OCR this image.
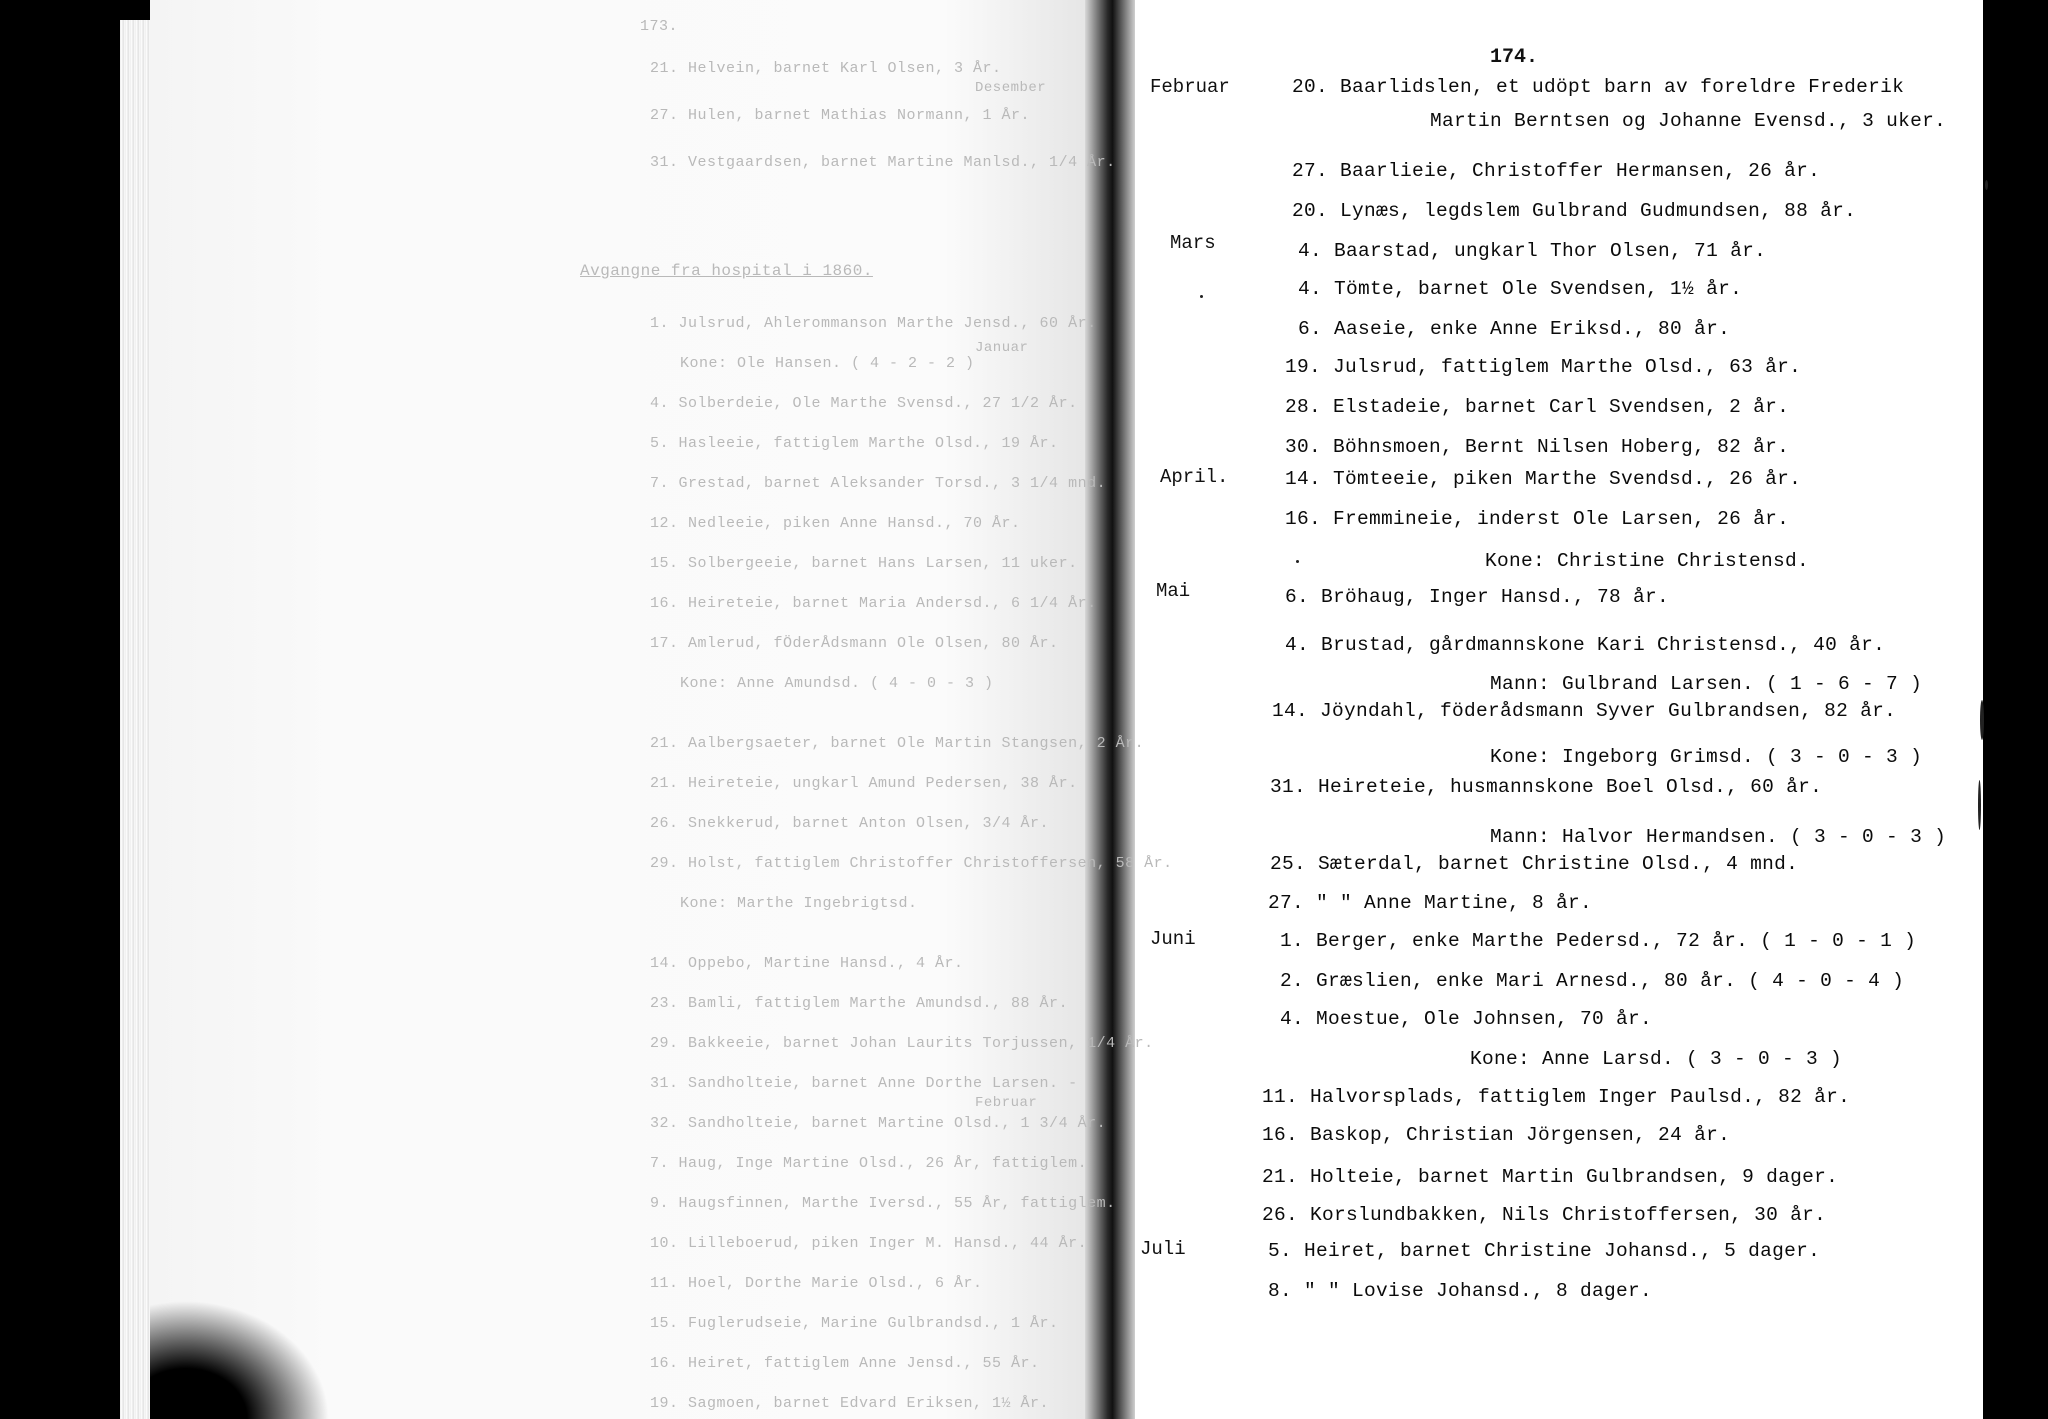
173.
Avgangne fra hospital i 1860.
21. Helvein, barnet Karl Olsen, 3 År.
27. Hulen, barnet Mathias Normann, 1 År.
31. Vestgaardsen, barnet Martine Manlsd., 1/4 År.
1. Julsrud, Ahlerommanson Marthe Jensd., 60 År.
Kone: Ole Hansen. ( 4 - 2 - 2 )
4. Solberdeie, Ole Marthe Svensd., 27 1/2 År.
5. Hasleeie, fattiglem Marthe Olsd., 19 År.
7. Grestad, barnet Aleksander Torsd., 3 1/4 mnd.
12. Nedleeie, piken Anne Hansd., 70 År.
15. Solbergeeie, barnet Hans Larsen, 11 uker.
16. Heireteie, barnet Maria Andersd., 6 1/4 År.
17. Amlerud, fÖderÅdsmann Ole Olsen, 80 År.
Kone: Anne Amundsd. ( 4 - 0 - 3 )
21. Aalbergsaeter, barnet Ole Martin Stangsen, 2 År.
21. Heireteie, ungkarl Amund Pedersen, 38 År.
26. Snekkerud, barnet Anton Olsen, 3/4 År.
29. Holst, fattiglem Christoffer Christoffersen, 58 År.
Kone: Marthe Ingebrigtsd.
14. Oppebo, Martine Hansd., 4 År.
23. Bamli, fattiglem Marthe Amundsd., 88 År.
29. Bakkeeie, barnet Johan Laurits Torjussen, 1/4 År.
31. Sandholteie, barnet Anne Dorthe Larsen. -
32. Sandholteie, barnet Martine Olsd., 1 3/4 År.
7. Haug, Inge Martine Olsd., 26 År, fattiglem.
9. Haugsfinnen, Marthe Iversd., 55 År, fattiglem.
10. Lilleboerud, piken Inger M. Hansd., 44 År.
11. Hoel, Dorthe Marie Olsd., 6 År.
15. Fuglerudseie, Marine Gulbrandsd., 1 År.
16. Heiret, fattiglem Anne Jensd., 55 År.
19. Sagmoen, barnet Edvard Eriksen, 1½ År.
Desember
Januar
Februar
174.
Februar
Mars
April.
Mai
Juni
Juli
20. Baarlidslen, et udöpt barn av foreldre Frederik
Martin Berntsen og Johanne Evensd., 3 uker.
27. Baarlieie, Christoffer Hermansen, 26 år.
20. Lynæs, legdslem Gulbrand Gudmundsen, 88 år.
4. Baarstad, ungkarl Thor Olsen, 71 år.
4. Tömte, barnet Ole Svendsen, 1½ år.
6. Aaseie, enke Anne Eriksd., 80 år.
19. Julsrud, fattiglem Marthe Olsd., 63 år.
28. Elstadeie, barnet Carl Svendsen, 2 år.
30. Böhnsmoen, Bernt Nilsen Hoberg, 82 år.
14. Tömteeie, piken Marthe Svendsd., 26 år.
16. Fremmineie, inderst Ole Larsen, 26 år.
Kone: Christine Christensd.
6. Bröhaug, Inger Hansd., 78 år.
4. Brustad, gårdmannskone Kari Christensd., 40 år.
Mann: Gulbrand Larsen. ( 1 - 6 - 7 )
14. Jöyndahl, föderådsmann Syver Gulbrandsen, 82 år.
Kone: Ingeborg Grimsd. ( 3 - 0 - 3 )
31. Heireteie, husmannskone Boel Olsd., 60 år.
Mann: Halvor Hermandsen. ( 3 - 0 - 3 )
25. Sæterdal, barnet Christine Olsd., 4 mnd.
27. " " Anne Martine, 8 år.
1. Berger, enke Marthe Pedersd., 72 år. ( 1 - 0 - 1 )
2. Græslien, enke Mari Arnesd., 80 år. ( 4 - 0 - 4 )
4. Moestue, Ole Johnsen, 70 år.
Kone: Anne Larsd. ( 3 - 0 - 3 )
11. Halvorsplads, fattiglem Inger Paulsd., 82 år.
16. Baskop, Christian Jörgensen, 24 år.
21. Holteie, barnet Martin Gulbrandsen, 9 dager.
26. Korslundbakken, Nils Christoffersen, 30 år.
5. Heiret, barnet Christine Johansd., 5 dager.
8. " " Lovise Johansd., 8 dager.
